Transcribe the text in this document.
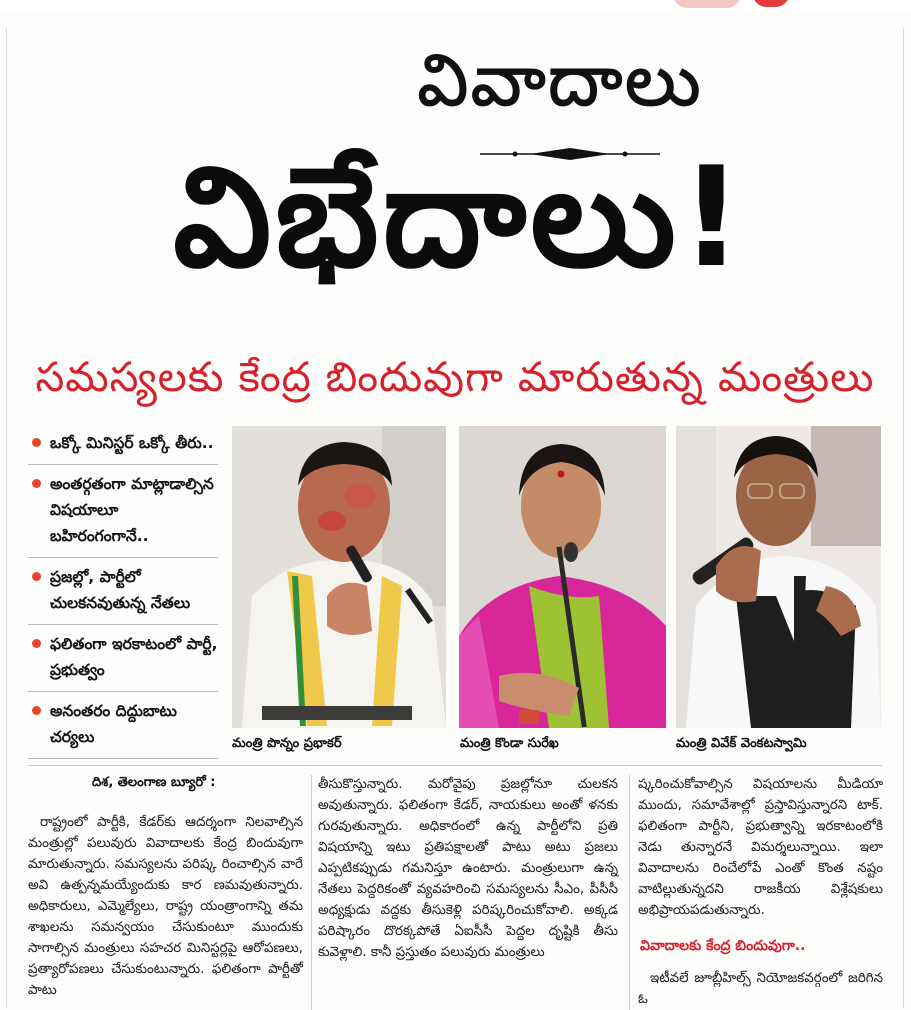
వివాదాలు
విభేదాలు!
సమస్యలకు కేంద్ర బిందువుగా మారుతున్న మంత్రులు
ఒక్కో మినిస్టర్ ఒక్కో తీరు..
అంతర్గతంగా మాట్లాడాల్సిన విషయాలూ బహిరంగంగానే..
ప్రజల్లో, పార్టీలో చులకనవుతున్న నేతలు
ఫలితంగా ఇరకాటంలో పార్టీ, ప్రభుత్వం
అనంతరం దిద్దుబాటు చర్యలు	మంత్రి పొన్నం ప్రభాకర్	మంత్రి కొండా సురేఖ	మంత్రి వివేక్ వెంకటస్వామి
దిశ, తెలంగాణ బ్యూరో :
రాష్ట్రంలో పార్టీకి, కేడర్‌కు ఆదర్శంగా నిలవాల్సిన మంత్రుల్లో పలువురు వివాదాలకు కేంద్ర బిందువుగా మారుతున్నారు. సమస్యలను పరిష్క రించాల్సిన వారే అవి ఉత్పన్నమయ్యేందుకు కార ణమవుతున్నారు. అధికారులు, ఎమ్మెల్యేలు, రాష్ట్ర యంత్రాంగాన్ని తమ శాఖలను సమన్వయం చేసుకుంటూ ముందుకు సాగాల్సిన మంత్రులు సహచర మినిస్టర్లపై ఆరోపణలు, ప్రత్యారోపణలు చేసుకుంటున్నారు. ఫలితంగా పార్టీతో పాటు
తీసుకొస్తున్నారు. మరోవైపు ప్రజల్లోనూ చులకన అవుతున్నారు. ఫలితంగా కేడర్, నాయకులు అంతో ళనకు గురవుతున్నారు. అధికారంలో ఉన్న పార్టీలోని ప్రతి విషయాన్ని ఇటు ప్రతిపక్షాలతో పాటు అటు ప్రజలు ఎప్పటికప్పుడు గమనిస్తూ ఉంటారు. మంత్రులుగా ఉన్న నేతలు పెద్దరికంతో వ్యవహరించి సమస్యలను సీఎం, పీసీసీ అధ్యక్షుడు వద్దకు తీసుకెళ్లి పరిష్కరించుకోవాలి. అక్కడ పరిష్కారం దొరక్కపోతే ఏఐసీసీ పెద్దల దృష్టికి తీసు కువెళ్లాలి. కానీ ప్రస్తుతం పలువురు మంత్రులు
ష్కరించుకోవాల్సిన విషయాలను మీడియా ముందు, సమావేశాల్లో ప్రస్తావిస్తున్నారని టాక్. ఫలితంగా పార్టీని, ప్రభుత్వాన్ని ఇరకాటంలోకి నెడు తున్నారనే విమర్శలున్నాయి. ఇలా వివాదాలను రించేలోపే ఎంతో కొంత నష్టం వాటిల్లుతున్నదని రాజకీయ విశ్లేషకులు అభిప్రాయపడుతున్నారు.
వివాదాలకు కేంద్ర బిందువుగా..
ఇటీవలే జూబ్లీహిల్స్ నియోజకవర్గంలో జరిగిన ఓ
